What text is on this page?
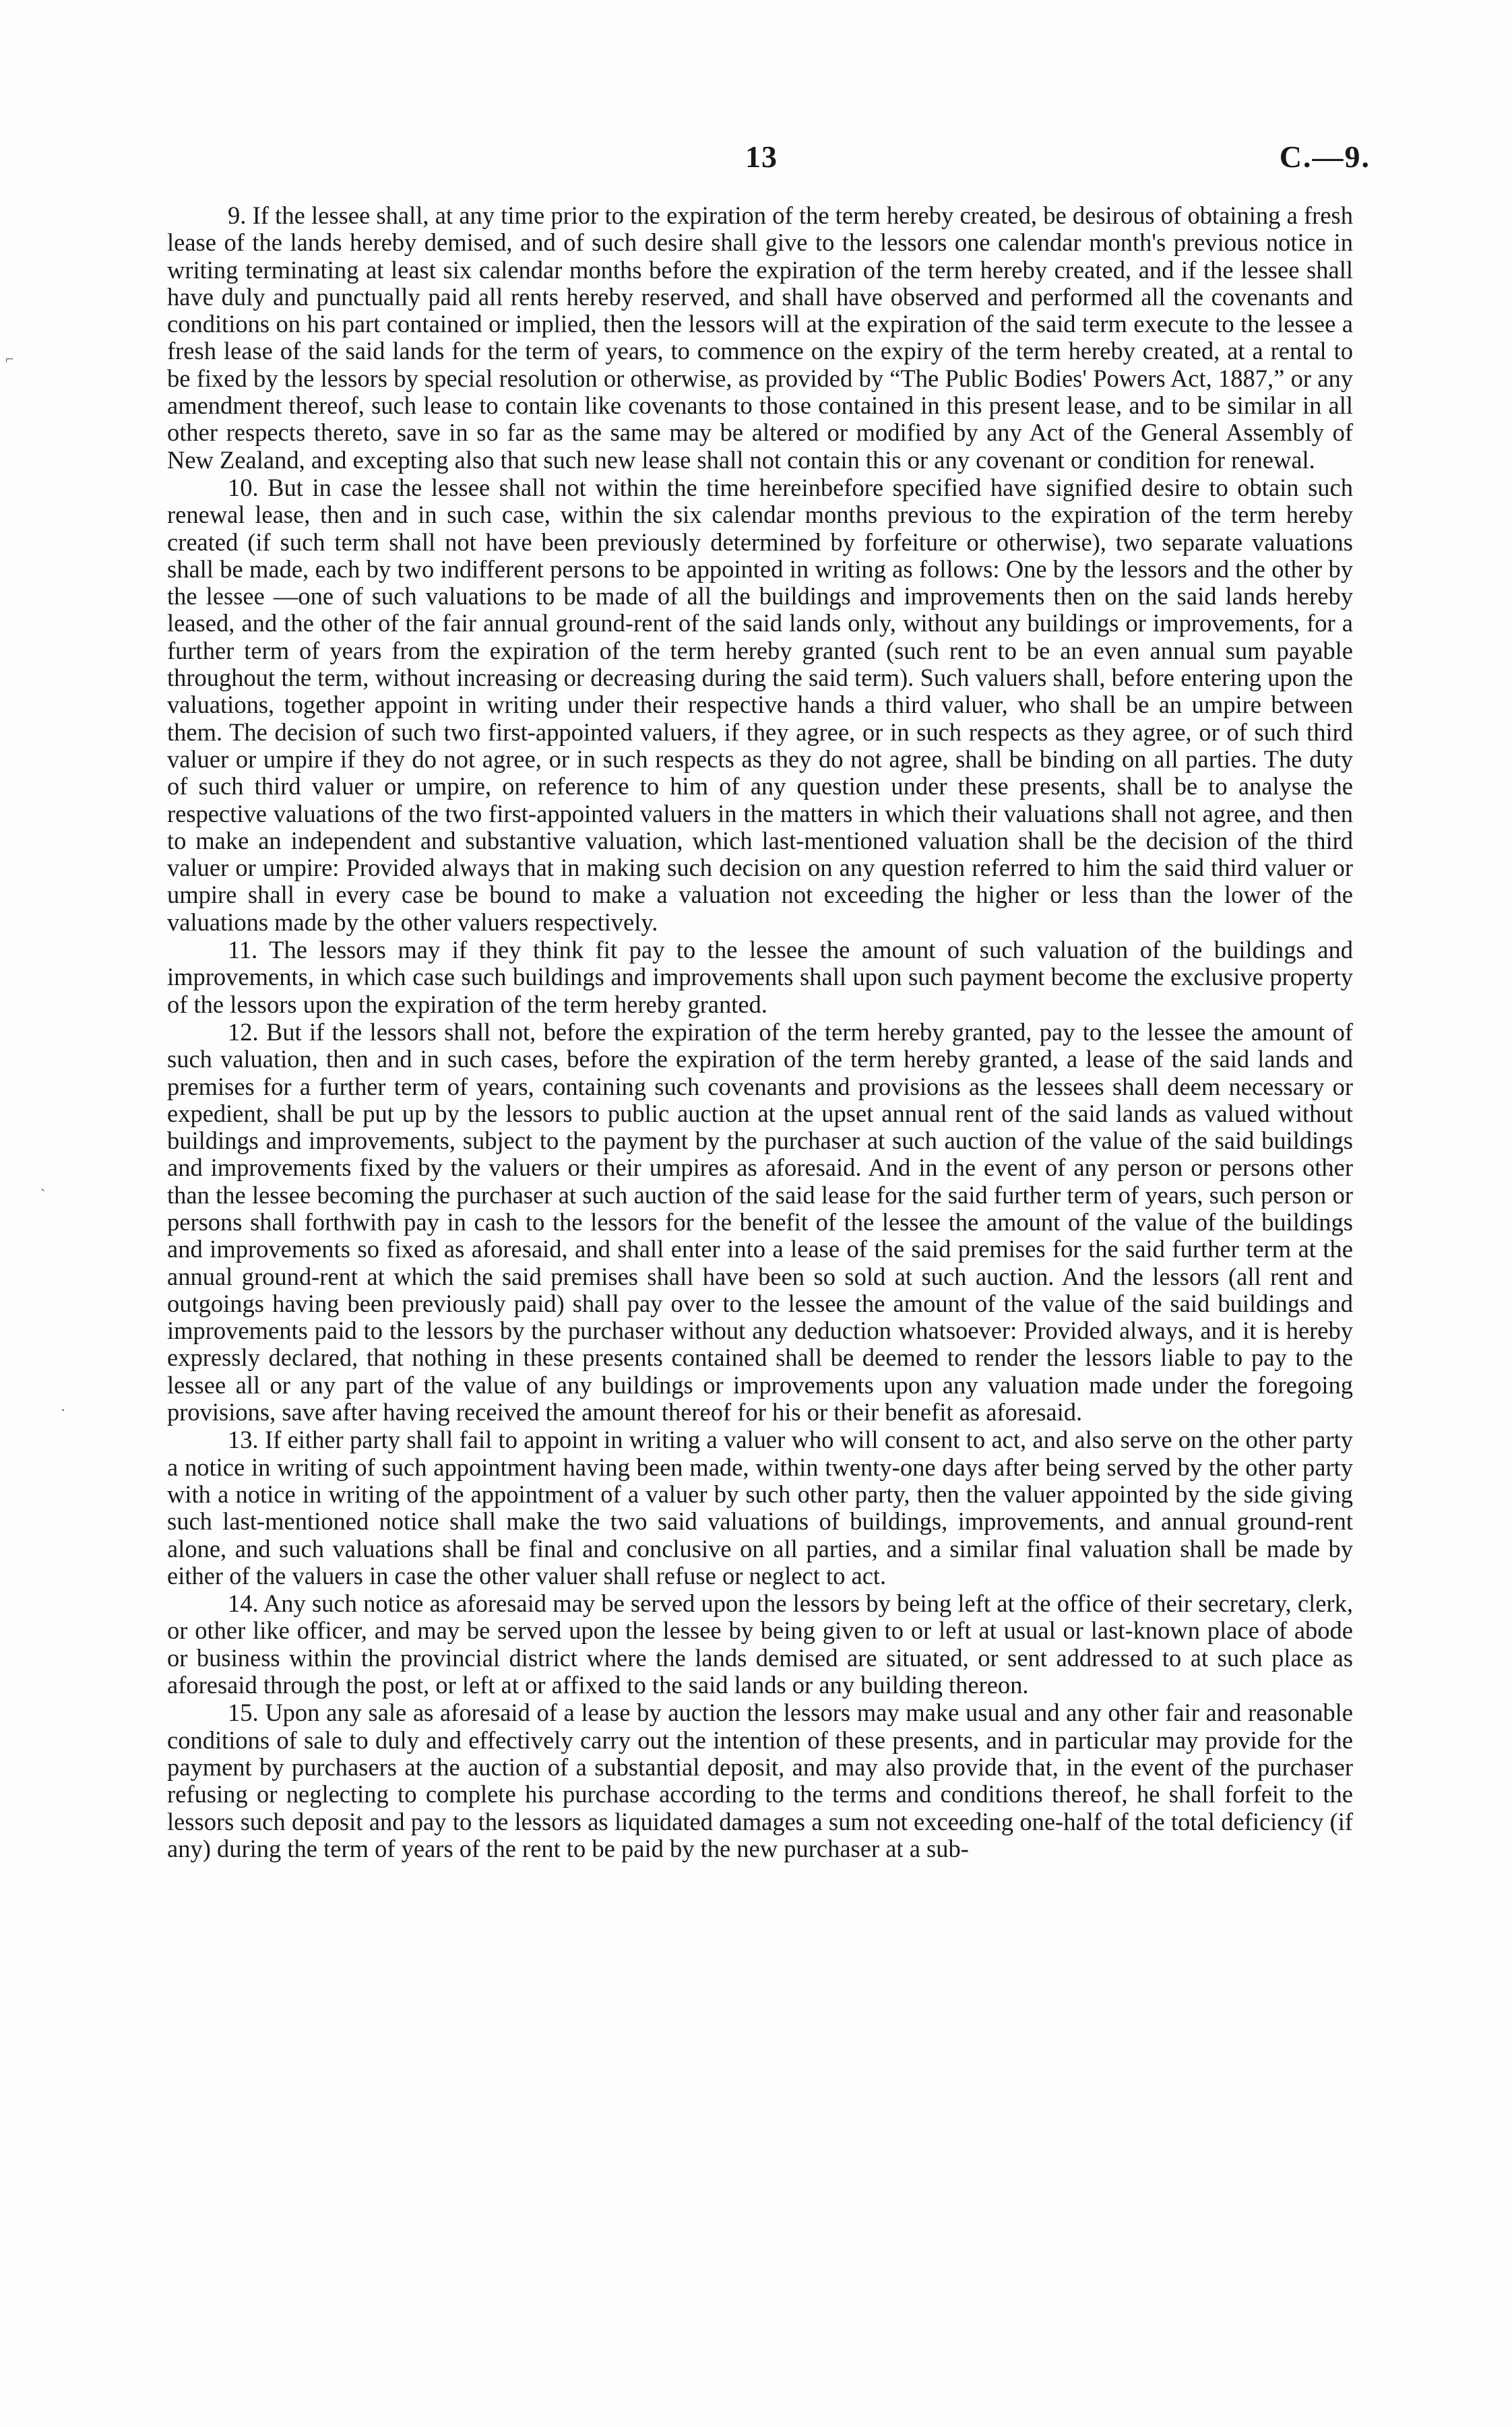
13	C.—9.
⌐
`
·

9. If the lessee shall, at any time prior to the expiration of the term hereby created, be desirous of obtaining a fresh lease of the lands hereby demised, and of such desire shall give to the lessors one calendar month's previous notice in writing terminating at least six calendar months before the expiration of the term hereby created, and if the lessee shall have duly and punctually paid all rents hereby reserved, and shall have observed and performed all the covenants and conditions on his part contained or implied, then the lessors will at the expiration of the said term execute to the lessee a fresh lease of the said lands for the term of years, to commence on the expiry of the term hereby created, at a rental to be fixed by the lessors by special resolution or otherwise, as provided by “The Public Bodies' Powers Act, 1887,” or any amendment thereof, such lease to contain like covenants to those contained in this present lease, and to be similar in all other respects thereto, save in so far as the same may be altered or modified by any Act of the General Assembly of New Zealand, and excepting also that such new lease shall not contain this or any covenant or condition for renewal.

10. But in case the lessee shall not within the time hereinbefore specified have signified desire to obtain such renewal lease, then and in such case, within the six calendar months previous to the expiration of the term hereby created (if such term shall not have been previously determined by forfeiture or otherwise), two separate valuations shall be made, each by two indifferent persons to be appointed in writing as follows: One by the lessors and the other by the lessee —one of such valuations to be made of all the buildings and improvements then on the said lands hereby leased, and the other of the fair annual ground-rent of the said lands only, without any buildings or improvements, for a further term of years from the expiration of the term hereby granted (such rent to be an even annual sum payable throughout the term, without increasing or decreasing during the said term). Such valuers shall, before entering upon the valuations, together appoint in writing under their respective hands a third valuer, who shall be an umpire between them. The decision of such two first-appointed valuers, if they agree, or in such respects as they agree, or of such third valuer or umpire if they do not agree, or in such respects as they do not agree, shall be binding on all parties. The duty of such third valuer or umpire, on reference to him of any question under these presents, shall be to analyse the respective valuations of the two first-appointed valuers in the matters in which their valuations shall not agree, and then to make an independent and substantive valuation, which last-mentioned valuation shall be the decision of the third valuer or umpire: Provided always that in making such decision on any question referred to him the said third valuer or umpire shall in every case be bound to make a valuation not exceeding the higher or less than the lower of the valuations made by the other valuers respectively.

11. The lessors may if they think fit pay to the lessee the amount of such valuation of the buildings and improvements, in which case such buildings and improvements shall upon such payment become the exclusive property of the lessors upon the expiration of the term hereby granted.

12. But if the lessors shall not, before the expiration of the term hereby granted, pay to the lessee the amount of such valuation, then and in such cases, before the expiration of the term hereby granted, a lease of the said lands and premises for a further term of years, containing such covenants and provisions as the lessees shall deem necessary or expedient, shall be put up by the lessors to public auction at the upset annual rent of the said lands as valued without buildings and improvements, subject to the payment by the purchaser at such auction of the value of the said buildings and improvements fixed by the valuers or their umpires as aforesaid. And in the event of any person or persons other than the lessee becoming the purchaser at such auction of the said lease for the said further term of years, such person or persons shall forthwith pay in cash to the lessors for the benefit of the lessee the amount of the value of the buildings and improvements so fixed as aforesaid, and shall enter into a lease of the said premises for the said further term at the annual ground-rent at which the said premises shall have been so sold at such auction. And the lessors (all rent and outgoings having been previously paid) shall pay over to the lessee the amount of the value of the said buildings and improvements paid to the lessors by the purchaser without any deduction whatsoever: Provided always, and it is hereby expressly declared, that nothing in these presents contained shall be deemed to render the lessors liable to pay to the lessee all or any part of the value of any buildings or improvements upon any valuation made under the foregoing provisions, save after having received the amount thereof for his or their benefit as aforesaid.

13. If either party shall fail to appoint in writing a valuer who will consent to act, and also serve on the other party a notice in writing of such appointment having been made, within twenty-one days after being served by the other party with a notice in writing of the appointment of a valuer by such other party, then the valuer appointed by the side giving such last-mentioned notice shall make the two said valuations of buildings, improvements, and annual ground-rent alone, and such valuations shall be final and conclusive on all parties, and a similar final valuation shall be made by either of the valuers in case the other valuer shall refuse or neglect to act.

14. Any such notice as aforesaid may be served upon the lessors by being left at the office of their secretary, clerk, or other like officer, and may be served upon the lessee by being given to or left at usual or last-known place of abode or business within the provincial district where the lands demised are situated, or sent addressed to at such place as aforesaid through the post, or left at or affixed to the said lands or any building thereon.

15. Upon any sale as aforesaid of a lease by auction the lessors may make usual and any other fair and reasonable conditions of sale to duly and effectively carry out the intention of these presents, and in particular may provide for the payment by purchasers at the auction of a substantial deposit, and may also provide that, in the event of the purchaser refusing or neglecting to complete his purchase according to the terms and conditions thereof, he shall forfeit to the lessors such deposit and pay to the lessors as liquidated damages a sum not exceeding one-half of the total deficiency (if any) during the term of years of the rent to be paid by the new purchaser at a sub-
